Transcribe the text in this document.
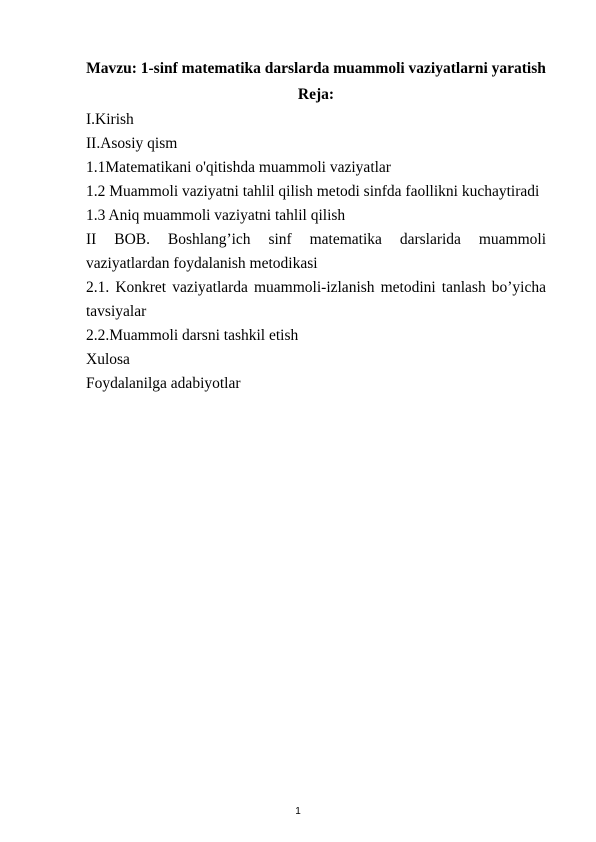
Mavzu: 1-sinf matematika darslarda muammoli vaziyatlarni yaratish

Reja:

I.Kirish
II.Asosiy qism
1.1Matematikani o'qitishda muammoli vaziyatlar
1.2 Muammoli vaziyatni tahlil qilish metodi sinfda faollikni kuchaytiradi
1.3 Aniq muammoli vaziyatni tahlil qilish
II BOB. Boshlang’ich sinf matematika darslarida muammoli vaziyatlardan foydalanish metodikasi
2.1. Konkret vaziyatlarda muammoli-izlanish metodini tanlash bo’yicha tavsiyalar
2.2.Muammoli darsni tashkil etish
Xulosa
Foydalanilga adabiyotlar
1
